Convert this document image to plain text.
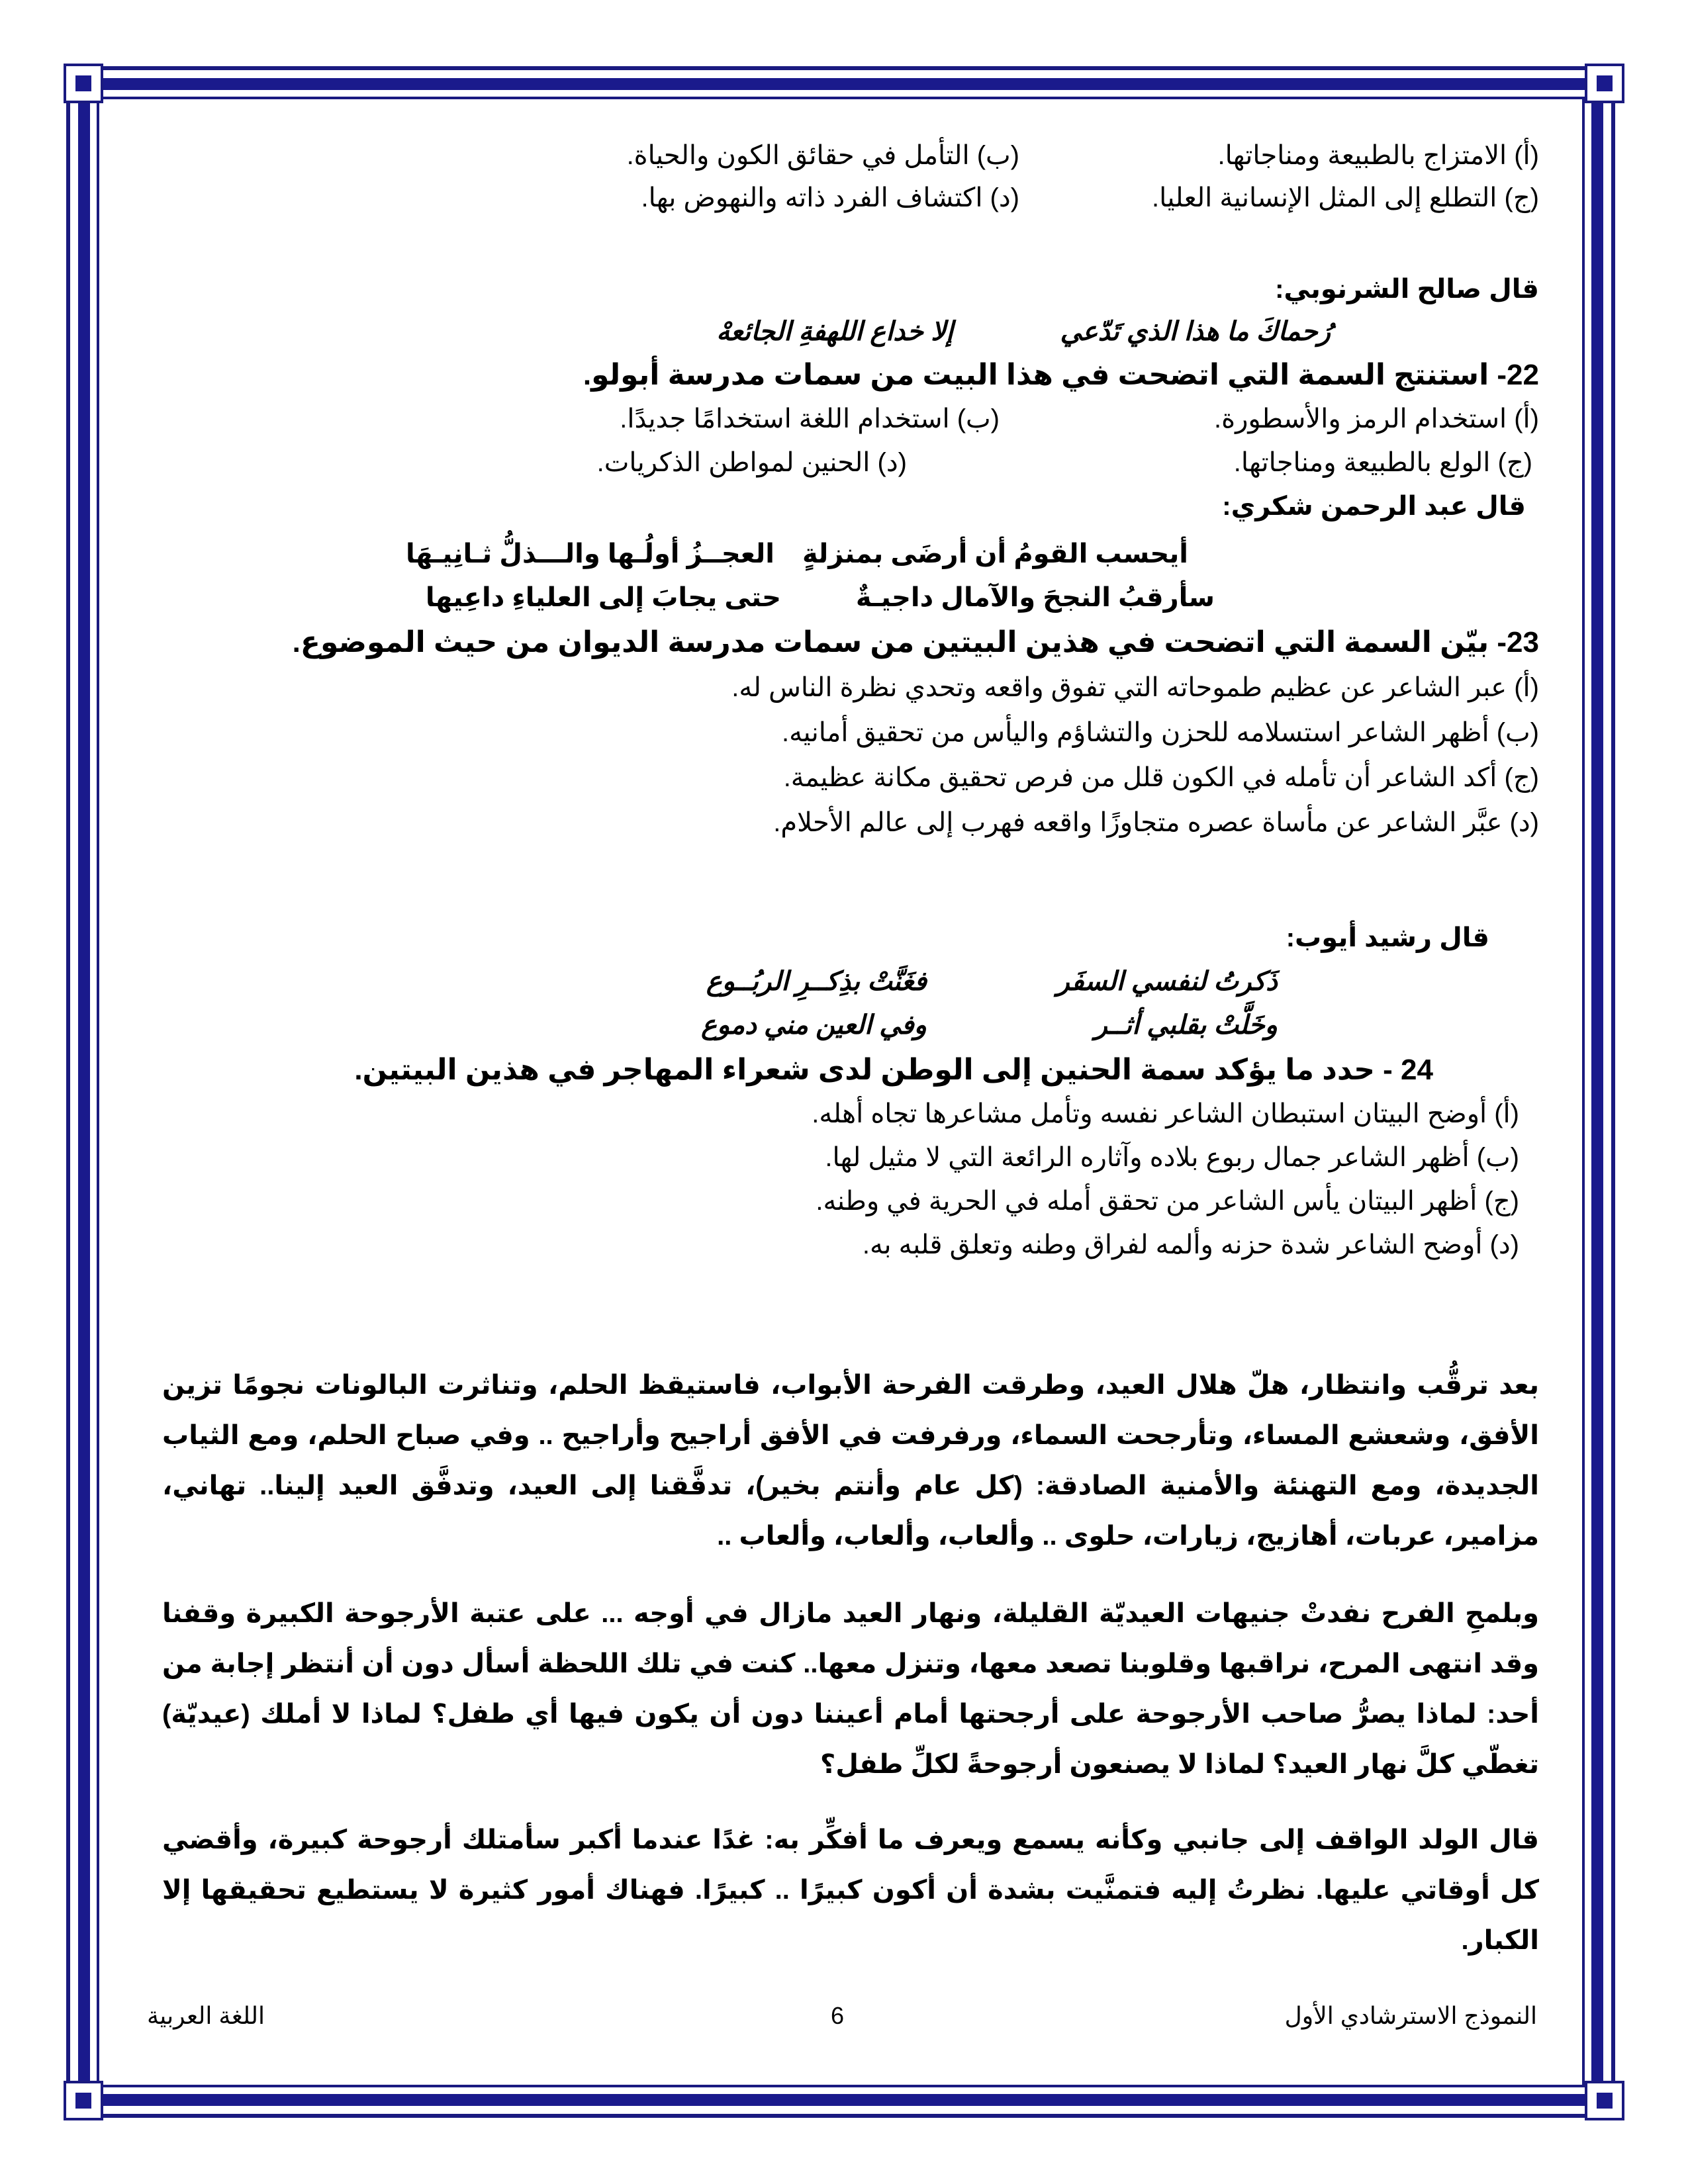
(أ) الامتزاج بالطبيعة ومناجاتها.
(ب) التأمل في حقائق الكون والحياة.
(ج) التطلع إلى المثل الإنسانية العليا.
(د) اكتشاف الفرد ذاته والنهوض بها.
قال صالح الشرنوبي:
رُحماكَ ما هذا الذي تَدّعي
إلا خداع اللهفةِ الجائعهْ
22- استنتج السمة التي اتضحت في هذا البيت من سمات مدرسة أبولو.
(أ) استخدام الرمز والأسطورة.
(ب) استخدام اللغة استخدامًا جديدًا.
(ج) الولع بالطبيعة ومناجاتها.
(د) الحنين لمواطن الذكريات.
قال عبد الرحمن شكري:
أيحسب القومُ أن أرضَى بمنزلةٍ
العجــزُ أولُـها والـــذلُّ ثـانِيـهَا
سأرقبُ النجحَ والآمال داجيـةٌ
حتى يجابَ إلى العلياءِ داعِيها
23- بيّن السمة التي اتضحت في هذين البيتين من سمات مدرسة الديوان من حيث الموضوع.
(أ) عبر الشاعر عن عظيم طموحاته التي تفوق واقعه وتحدي نظرة الناس له.
(ب) أظهر الشاعر استسلامه للحزن والتشاؤم واليأس من تحقيق أمانيه.
(ج) أكد الشاعر أن تأمله في الكون قلل من فرص تحقيق مكانة عظيمة.
(د) عبَّر الشاعر عن مأساة عصره متجاوزًا واقعه فهرب إلى عالم الأحلام.
قال رشيد أيوب:
ذَكرتُ لنفسي السفَر
فغَنَّتْ بذِكــرِ الربُــوع
وخَلَّتْ بقلبي أثــر
وفي العين مني دموع
24 - حدد ما يؤكد سمة الحنين إلى الوطن لدى شعراء المهاجر في هذين البيتين.
(أ) أوضح البيتان استبطان الشاعر نفسه وتأمل مشاعرها تجاه أهله.
(ب) أظهر الشاعر جمال ربوع بلاده وآثاره الرائعة التي لا مثيل لها.
(ج) أظهر البيتان يأس الشاعر من تحقق أمله في الحرية في وطنه.
(د) أوضح الشاعر شدة حزنه وألمه لفراق وطنه وتعلق قلبه به.

بعد ترقُّب وانتظار، هلّ هلال العيد، وطرقت الفرحة الأبواب، فاستيقظ الحلم، وتناثرت البالونات نجومًا تزين الأفق، وشعشع المساء، وتأرجحت السماء، ورفرفت في الأفق أراجيح وأراجيح .. وفي صباح الحلم، ومع الثياب الجديدة، ومع التهنئة والأمنية الصادقة: (كل عام وأنتم بخير)، تدفَّقنا إلى العيد، وتدفَّق العيد إلينا.. تهاني، مزامير، عربات، أهازيج، زيارات، حلوى .. وألعاب، وألعاب، وألعاب ..

وبلمحِ الفرح نفدتْ جنيهات العيديّة القليلة، ونهار العيد مازال في أوجه ... على عتبة الأرجوحة الكبيرة وقفنا وقد انتهى المرح، نراقبها وقلوبنا تصعد معها، وتنزل معها.. كنت في تلك اللحظة أسأل دون أن أنتظر إجابة من أحد: لماذا يصرُّ صاحب الأرجوحة على أرجحتها أمام أعيننا دون أن يكون فيها أي طفل؟ لماذا لا أملك (عيديّة) تغطّي كلَّ نهار العيد؟ لماذا لا يصنعون أرجوحةً لكلِّ طفل؟

قال الولد الواقف إلى جانبي وكأنه يسمع ويعرف ما أفكِّر به: غدًا عندما أكبر سأمتلك أرجوحة كبيرة، وأقضي كل أوقاتي عليها. نظرتُ إليه فتمنَّيت بشدة أن أكون كبيرًا .. كبيرًا. فهناك أمور كثيرة لا يستطيع تحقيقها إلا الكبار.

النموذج الاسترشادي الأول
6
اللغة العربية
